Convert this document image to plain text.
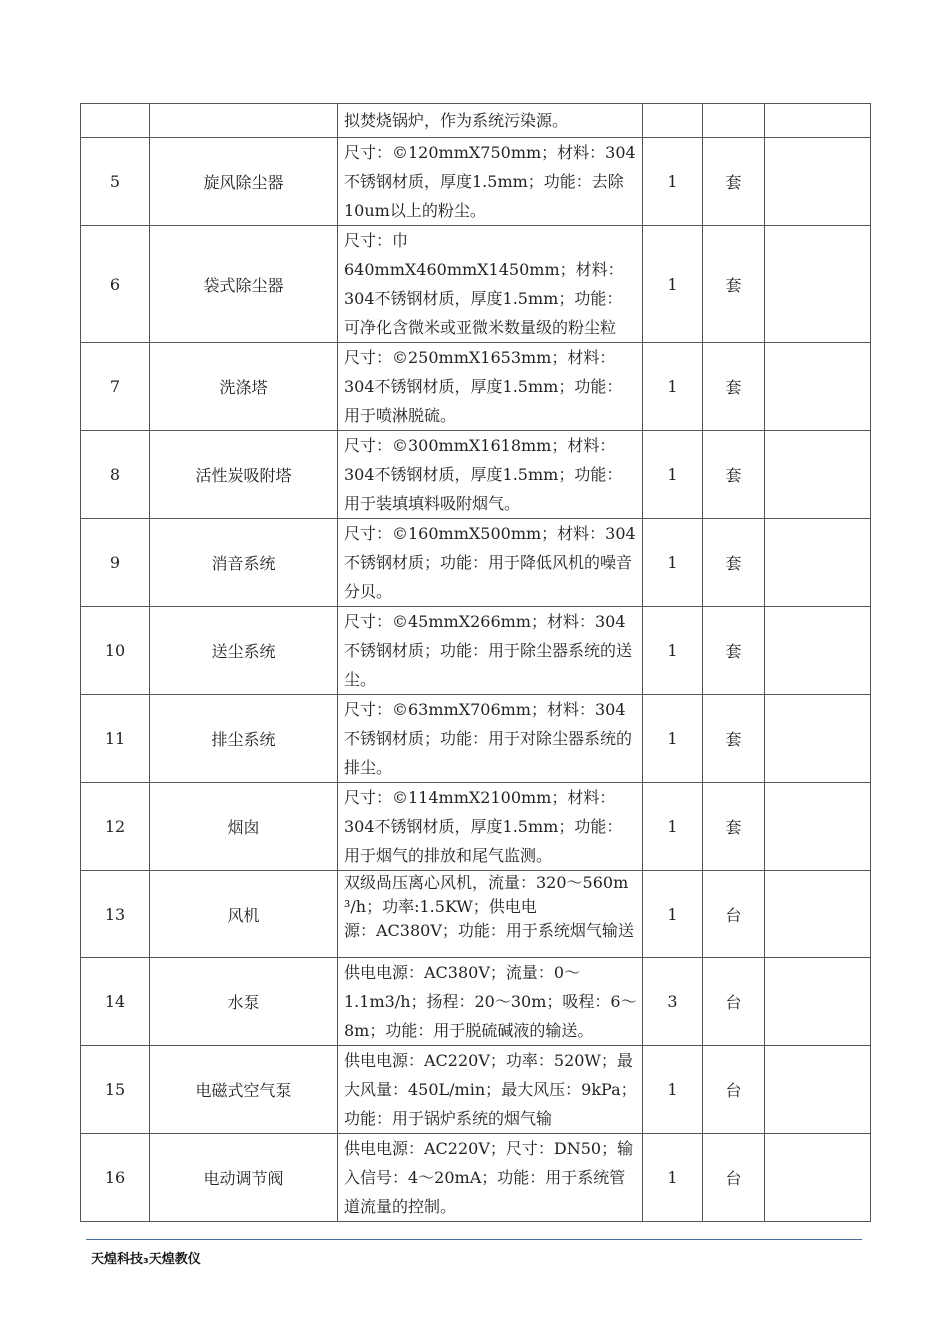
		拟焚烧锅炉，作为系统污染源。			

5	旋风除尘器	尺寸：©120mmX750mm；材料：304不锈钢材质，厚度1.5mm；功能：去除10um以上的粉尘。	1	套	
6	袋式除尘器	尺寸：巾640mmX460mmX1450mm；材料：304不锈钢材质，厚度1.5mm；功能：可净化含微米或亚微米数量级的粉尘粒	1	套	
7	洗涤塔	尺寸：©250mmX1653mm；材料：304不锈钢材质，厚度1.5mm；功能：用于喷淋脱硫。	1	套	
8	活性炭吸附塔	尺寸：©300mmX1618mm；材料：304不锈钢材质，厚度1.5mm；功能：用于装填填料吸附烟气。	1	套	
9	消音系统	尺寸：©160mmX500mm；材料：304不锈钢材质；功能：用于降低风机的噪音分贝。	1	套	
10	送尘系统	尺寸：©45mmX266mm；材料：304不锈钢材质；功能：用于除尘器系统的送尘。	1	套	
11	排尘系统	尺寸：©63mmX706mm；材料：304不锈钢材质；功能：用于对除尘器系统的排尘。	1	套	
12	烟囱	尺寸：©114mmX2100mm；材料：304不锈钢材质，厚度1.5mm；功能：用于烟气的排放和尾气监测。	1	套	
13	风机	双级咼压离心风机，流量：320〜560m

³/h；功率:1.5KW；供电电

源：AC380V；功能：用于系统烟气输送	1	台	
14	水泵	供电电源：AC380V；流量：0〜1.1m3/h；扬程：20〜30m；吸程：6〜8m；功能：用于脱硫碱液的输送。	3	台	
15	电磁式空气泵	供电电源：AC220V；功率：520W；最大风量：450L/min；最大风压：9kPa；功能：用于锅炉系统的烟气输	1	台	
16	电动调节阀	供电电源：AC220V；尺寸：DN50；输入信号：4〜20mA；功能：用于系统管道流量的控制。	1	台	
天煌科技₃天煌教仪
